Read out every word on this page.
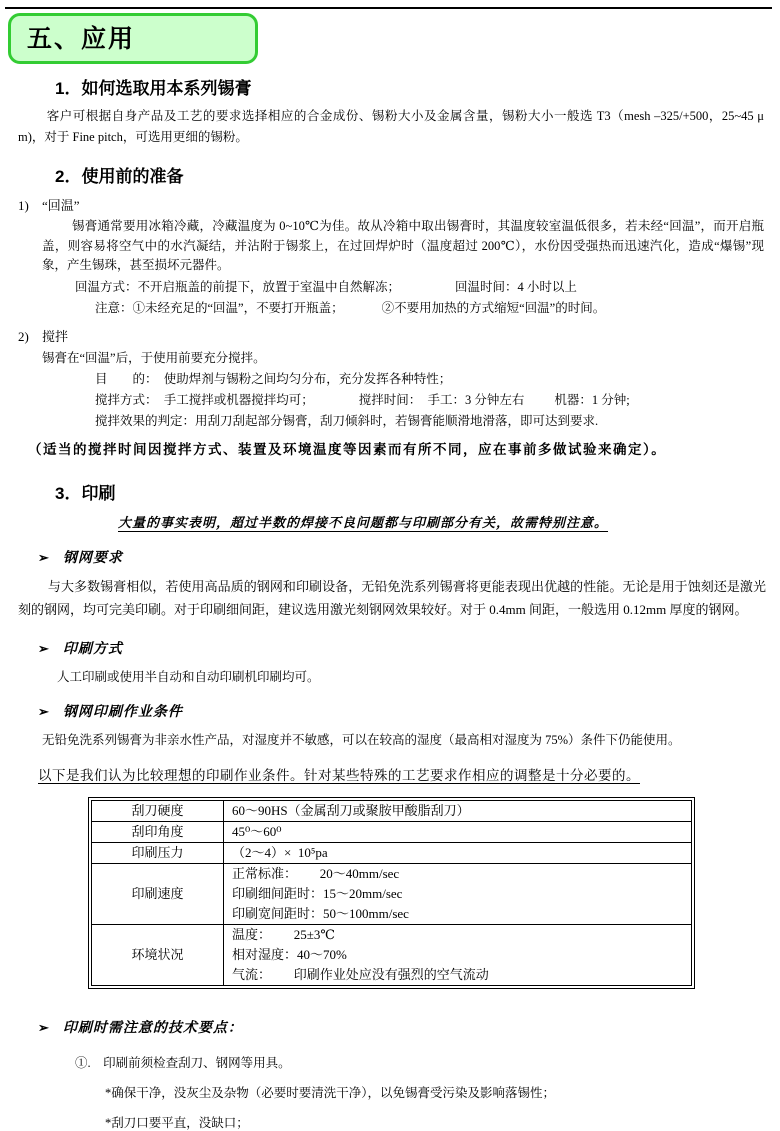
五、应用
1．如何选取用本系列锡膏
客户可根据自身产品及工艺的要求选择相应的合金成份、锡粉大小及金属含量，锡粉大小一般选 T3（mesh –325/+500，25~45 μ m)，对于 Fine pitch，可选用更细的锡粉。
2．使用前的准备
1) “回温”
锡膏通常要用冰箱冷藏，冷藏温度为 0~10℃为佳。故从冷箱中取出锡膏时，其温度较室温低很多，若未经“回温”，而开启瓶盖，则容易将空气中的水汽凝结，并沾附于锡浆上，在过回焊炉时（温度超过 200℃），水份因受强热而迅速汽化，造成“爆锡”现象，产生锡珠，甚至损坏元器件。
回温方式：不开启瓶盖的前提下，放置于室温中自然解冻；	回温时间：4 小时以上
注意：①未经充足的“回温”，不要打开瓶盖；	②不要用加热的方式缩短“回温”的时间。
2) 搅拌
锡膏在“回温”后，于使用前要充分搅拌。
目　　的：　使助焊剂与锡粉之间均匀分布，充分发挥各种特性；
搅拌方式：　手工搅拌或机器搅拌均可；	搅拌时间：　手工：3 分钟左右 机器：1 分钟;
搅拌效果的判定：用刮刀刮起部分锡膏，刮刀倾斜时，若锡膏能顺滑地滑落，即可达到要求.
（适当的搅拌时间因搅拌方式、装置及环境温度等因素而有所不同，应在事前多做试验来确定）。
3．印刷
大量的事实表明，超过半数的焊接不良问题都与印刷部分有关，故需特别注意。
➢ 钢网要求
与大多数锡膏相似，若使用高品质的钢网和印刷设备，无铅免洗系列锡膏将更能表现出优越的性能。无论是用于蚀刻还是激光刻的钢网，均可完美印刷。对于印刷细间距，建议选用激光刻钢网效果较好。对于 0.4mm 间距，一般选用 0.12mm 厚度的钢网。
➢ 印刷方式
人工印刷或使用半自动和自动印刷机印刷均可。
➢ 钢网印刷作业条件
无铅免洗系列锡膏为非亲水性产品，对湿度并不敏感，可以在较高的湿度（最高相对湿度为 75%）条件下仍能使用。
以下是我们认为比较理想的印刷作业条件。针对某些特殊的工艺要求作相应的调整是十分必要的。
刮刀硬度	60～90HS（金属刮刀或聚胺甲酸脂刮刀）

刮印角度	45⁰～60⁰

印刷压力	（2～4）×  10⁵pa

印刷速度	正常标准：　　 20～40mm/sec
印刷细间距时：15～20mm/sec
印刷宽间距时：50～100mm/sec

环境状况	温度：　　 25±3℃
相对湿度：40～70%
气流：　　 印刷作业处应没有强烈的空气流动
➢ 印刷时需注意的技术要点：
①.　印刷前须检查刮刀、钢网等用具。
*确保干净，没灰尘及杂物（必要时要清洗干净），以免锡膏受污染及影响落锡性；
*刮刀口要平直，没缺口；
